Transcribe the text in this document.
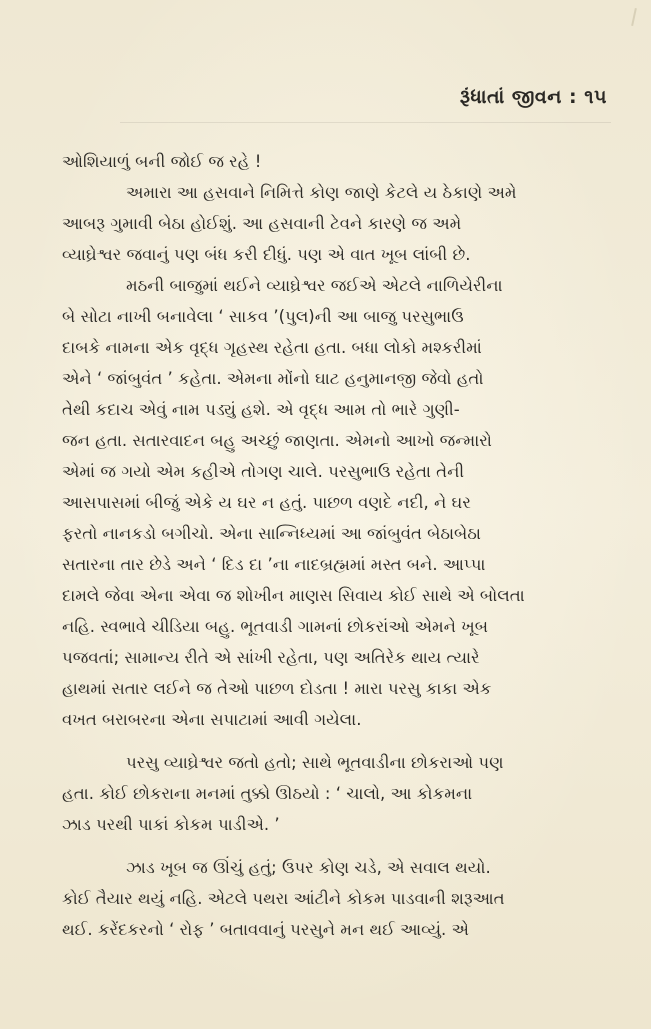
રૂંધાતાં જીવન : ૧૫
ઓશિયાળું બની જોઈ જ રહે !
અમારા આ હસવાને નિમિત્તે કોણ જાણે કેટલે ય ઠેકાણે અમે
આબરૂ ગુમાવી બેઠા હોઈશું. આ હસવાની ટેવને કારણે જ અમે
વ્યાઘ્રેશ્વર જવાનું પણ બંધ કરી દીધું. પણ એ વાત ખૂબ લાંબી છે.
મઠની બાજુમાં થઈને વ્યાઘ્રેશ્વર જઈએ એટલે નાળિયેરીના
બે સોટા નાખી બનાવેલા ‘ સાકવ ’(પુલ)ની આ બાજુ પરસુભાઉ
દાબકે નામના એક વૃદ્ધ ગૃહસ્થ રહેતા હતા. બધા લોકો મશ્કરીમાં
એને ‘ જાંબુવંત ’ કહેતા. એમના મોંનો ઘાટ હનુમાનજી જેવો હતો
તેથી કદાચ એવું નામ પડ્યું હશે. એ વૃદ્ધ આમ તો ભારે ગુણી-
જન હતા. સતારવાદન બહુ અચ્છું જાણતા. એમનો આખો જન્મારો
એમાં જ ગયો એમ કહીએ તોગણ ચાલે. પરસુભાઉ રહેતા તેની
આસપાસમાં બીજું એકે ય ઘર ન હતું. પાછળ વણદે નદી, ને ઘર
ફરતો નાનકડો બગીચો. એના સાન્નિધ્યમાં આ જાંબુવંત બેઠાબેઠા
સતારના તાર છેડે અને ‘ દિડ દા ’ના નાદબ્રહ્મમાં મસ્ત બને. આપ્પા
દામલે જેવા એના એવા જ શોખીન માણસ સિવાય કોઈ સાથે એ બોલતા
નહિ. સ્વભાવે ચીડિયા બહુ. ભૂતવાડી ગામનાં છોકરાંઓ એમને ખૂબ
પજવતાં; સામાન્ય રીતે એ સાંખી રહેતા, પણ અતિરેક થાય ત્યારે
હાથમાં સતાર લઈને જ તેઓ પાછળ દોડતા ! મારા પરસુ કાકા એક
વખત બરાબરના એના સપાટામાં આવી ગયેલા.
પરસુ વ્યાઘ્રેશ્વર જતો હતો; સાથે ભૂતવાડીના છોકરાઓ પણ
હતા. કોઈ છોકરાના મનમાં તુક્કો ઊઠયો : ‘ ચાલો, આ કોકમના
ઝાડ પરથી પાકાં કોકમ પાડીએ. ’
ઝાડ ખૂબ જ ઊંચું હતું; ઉપર કોણ ચડે, એ સવાલ થયો.
કોઈ તૈયાર થયું નહિ. એટલે પથરા આંટીને કોકમ પાડવાની શરૂઆત
થઈ. કરેંદકરનો ‘ રોફ ’ બતાવવાનું પરસુને મન થઈ આવ્યું. એ
